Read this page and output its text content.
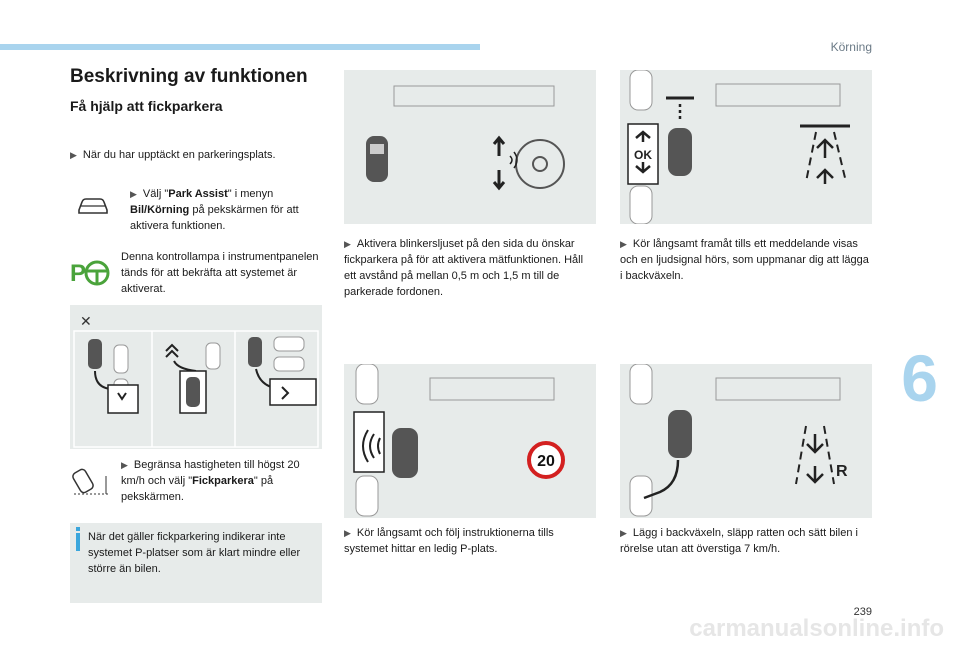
Körning
6
239
Beskrivning av funktionen
Få hjälp att fickparkera
▶ När du har upptäckt en parkeringsplats.
▶ Välj "Park Assist" i menyn Bil/Körning på pekskärmen för att aktivera funktionen.
P
Denna kontrollampa i instrumentpanelen tänds för att bekräfta att systemet är aktiverat.
✕
▶ Begränsa hastigheten till högst 20 km/h och välj "Fickparkera" på pekskärmen.
När det gäller fickparkering indikerar inte systemet P-platser som är klart mindre eller större än bilen.
▶ Aktivera blinkersljuset på den sida du önskar fickparkera på för att aktivera mätfunktionen. Håll ett avstånd på mellan 0,5 m och 1,5 m till de parkerade fordonen.
20
▶ Kör långsamt och följ instruktionerna tills systemet hittar en ledig P-plats.
OK
▶ Kör långsamt framåt tills ett meddelande visas och en ljudsignal hörs, som uppmanar dig att lägga i backväxeln.
R
▶ Lägg i backväxeln, släpp ratten och sätt bilen i rörelse utan att överstiga 7 km/h.
carmanualsonline.info
